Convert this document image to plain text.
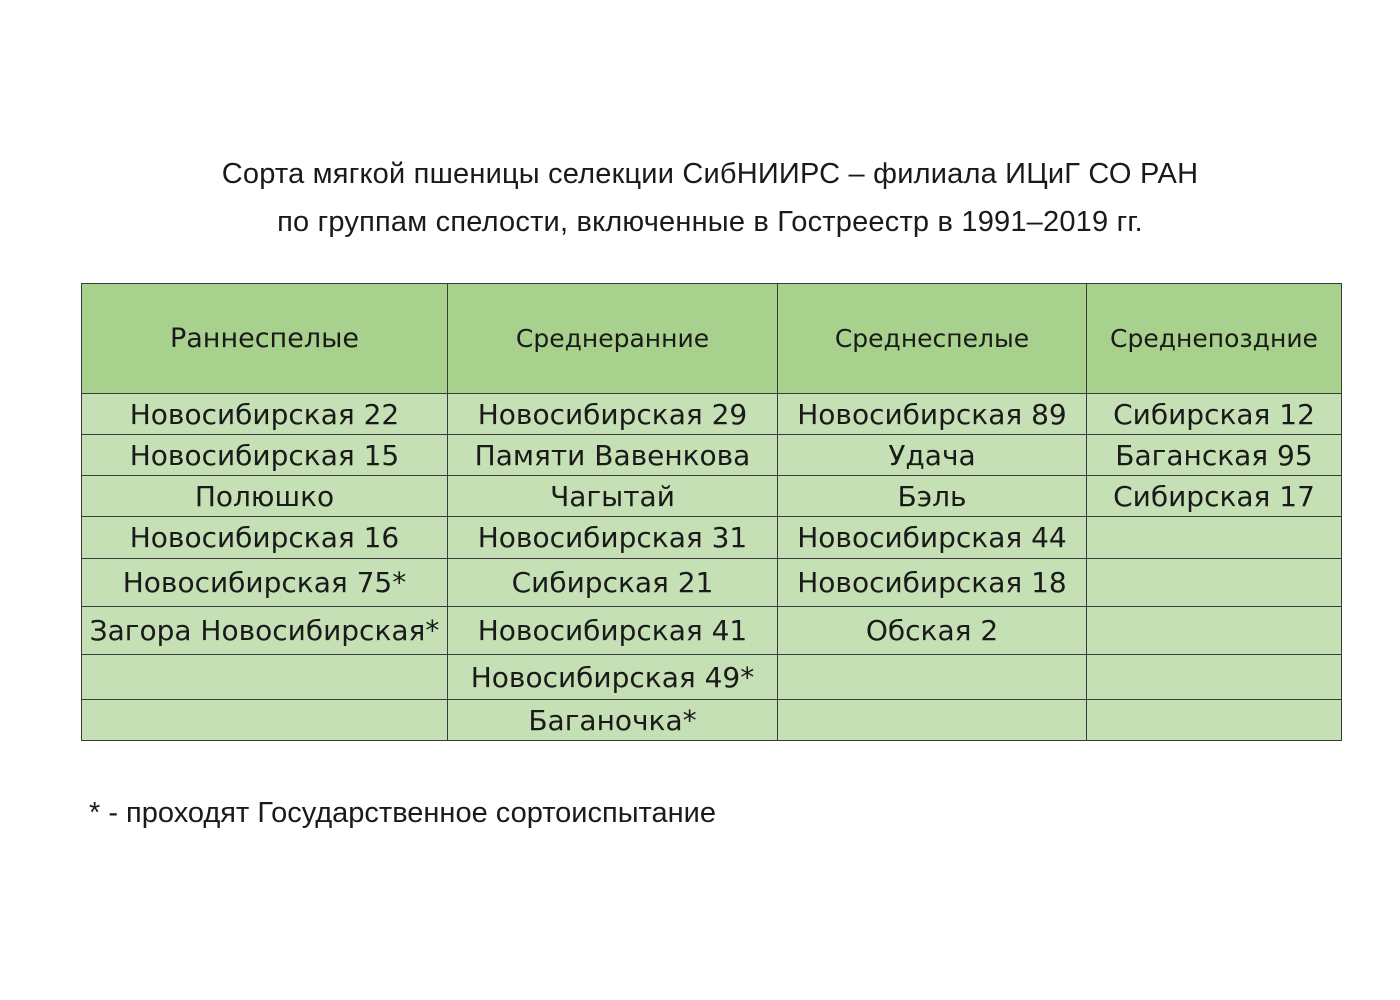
Сорта мягкой пшеницы селекции СибНИИРС – филиала ИЦиГ СО РАН
по группам спелости, включенные в Гостреестр в 1991–2019 гг.
Раннеспелые	Среднеранние	Среднеспелые	Среднепоздние
Новосибирская 22	Новосибирская 29	Новосибирская 89	Сибирская 12
Новосибирская 15	Памяти Вавенкова	Удача	Баганская 95
Полюшко	Чагытай	Бэль	Сибирская 17
Новосибирская 16	Новосибирская 31	Новосибирская 44	
Новосибирская 75*	Сибирская 21	Новосибирская 18	
Загора Новосибирская*	Новосибирская 41	Обская 2	
	Новосибирская 49*		
	Баганочка*		
* - проходят Государственное сортоиспытание
